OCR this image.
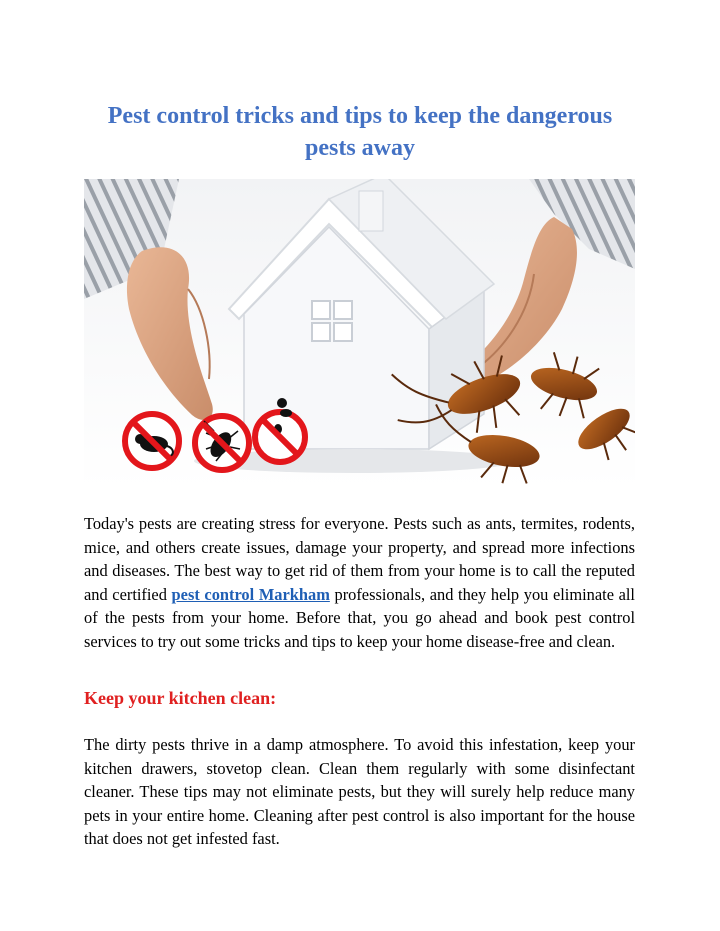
Pest control tricks and tips to keep the dangerous pests away

Today's pests are creating stress for everyone. Pests such as ants, termites, rodents, mice, and others create issues, damage your property, and spread more infections and diseases. The best way to get rid of them from your home is to call the reputed and certified pest control Markham professionals, and they help you eliminate all of the pests from your home. Before that, you go ahead and book pest control services to try out some tricks and tips to keep your home disease-free and clean.

Keep your kitchen clean:

The dirty pests thrive in a damp atmosphere. To avoid this infestation, keep your kitchen drawers, stovetop clean. Clean them regularly with some disinfectant cleaner. These tips may not eliminate pests, but they will surely help reduce many pets in your entire home. Cleaning after pest control is also important for the house that does not get infested fast.
